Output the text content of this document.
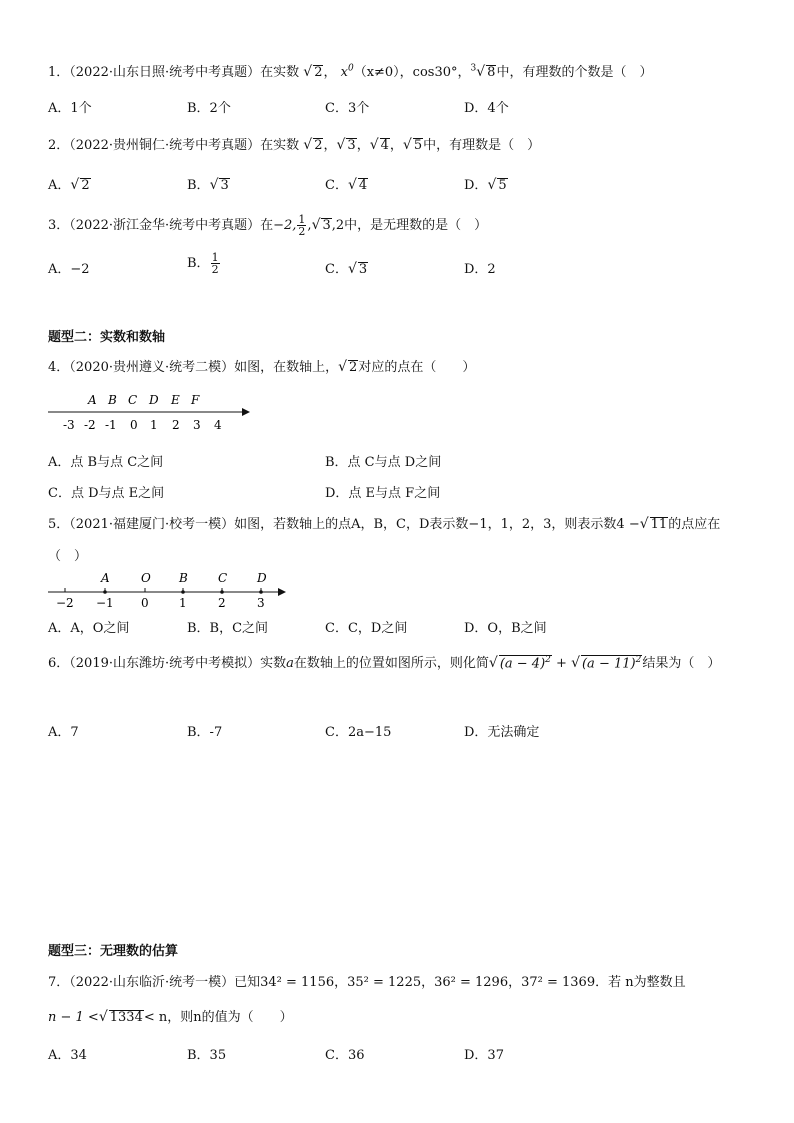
1．（2022·山东日照·统考中考真题）在实数 √ 2， $x^0(x\ne 0)$，cos30°，$^3$√ 8中，有理数的个数是（　）
A．1个	B．2个	C．3个	D．4个
2．（2022·贵州铜仁·统考中考真题）在实数 √ 2，√ 3，√ 4，√ 5中，有理数是（　）
A．√ 2	B．√ 3	C．√ 4	D．√ 5
3．（2022·浙江金华·统考中考真题）在−2, $\frac{1}{2}$ ,√ 3,2中，是无理数的是（　）
A．−2	B． $\frac{1}{2}$	C．√ 3	D．2
题型二：实数和数轴
4．（2020·贵州遵义·统考二模）如图，在数轴上，√ 2对应的点在（　　）
A B C D E F
-3 -2 -1 0 1 2 3 4
A．点 B与点 C之间	B．点 C与点 D之间
C．点 D与点 E之间	D．点 E与点 F之间
5．（2021·福建厦门·校考一模）如图，若数轴上的点A，B，C，D表示数−1，1，2，3，则表示数4 −√ 11的点应在
（　）
A	O B	C D
−2 −1 0	1	2	3
A．A，O之间	B．B，C之间	C．C，D之间	D．O，B之间
6．（2019·山东潍坊·统考中考模拟）实数a在数轴上的位置如图所示，则化简√ $(a - 4)^2$ + √ $(a - 11)^2$结果为（　）
A．7	B．-7	C．2a−15	D．无法确定
题型三：无理数的估算
7．（2022·山东临沂·统考一模）已知34² = 1156，35² = 1225，36² = 1296，37² = 1369．若 n为整数且
n − 1 <√ 1334< n，则n的值为（　　）
A．34	B．35	C．36	D．37
